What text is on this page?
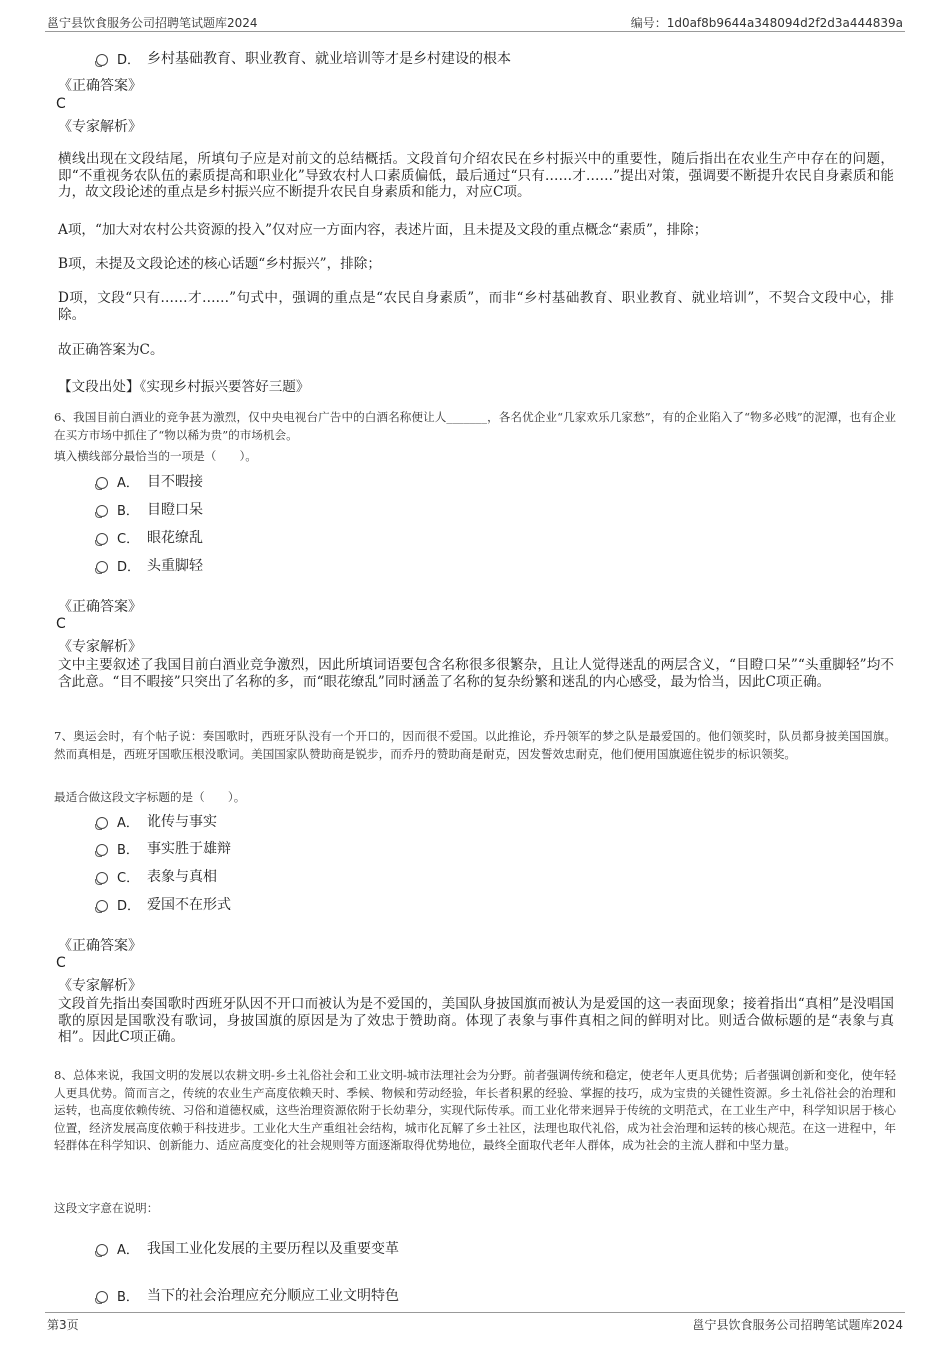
邕宁县饮食服务公司招聘笔试题库2024	编号：1d0af8b9644a348094d2f2d3a444839a
D． 乡村基础教育、职业教育、就业培训等才是乡村建设的根本
《正确答案》
C
《专家解析》
横线出现在文段结尾，所填句子应是对前文的总结概括。文段首句介绍农民在乡村振兴中的重要性，随后指出在农业生产中存在的问题，即“不重视务农队伍的素质提高和职业化”导致农村人口素质偏低，最后通过“只有……才……”提出对策，强调要不断提升农民自身素质和能力，故文段论述的重点是乡村振兴应不断提升农民自身素质和能力，对应C项。
A项，“加大对农村公共资源的投入”仅对应一方面内容，表述片面，且未提及文段的重点概念“素质”，排除；
B项，未提及文段论述的核心话题“乡村振兴”，排除；
D项，文段“只有……才……”句式中，强调的重点是“农民自身素质”，而非“乡村基础教育、职业教育、就业培训”，不契合文段中心，排除。
故正确答案为C。
【文段出处】《实现乡村振兴要答好三题》
6、我国目前白酒业的竞争甚为激烈，仅中央电视台广告中的白酒名称便让人_______，各名优企业“几家欢乐几家愁”，有的企业陷入了“物多必贱”的泥潭，也有企业在买方市场中抓住了“物以稀为贵”的市场机会。
填入横线部分最恰当的一项是（　　）。
A． 目不暇接
B． 目瞪口呆
C． 眼花缭乱
D． 头重脚轻
《正确答案》
C
《专家解析》
文中主要叙述了我国目前白酒业竞争激烈，因此所填词语要包含名称很多很繁杂，且让人觉得迷乱的两层含义，“目瞪口呆”“头重脚轻”均不含此意。“目不暇接”只突出了名称的多，而“眼花缭乱”同时涵盖了名称的复杂纷繁和迷乱的内心感受，最为恰当，因此C项正确。
7、奥运会时，有个帖子说：奏国歌时，西班牙队没有一个开口的，因而很不爱国。以此推论，乔丹领军的梦之队是最爱国的。他们领奖时，队员都身披美国国旗。然而真相是，西班牙国歌压根没歌词。美国国家队赞助商是锐步，而乔丹的赞助商是耐克，因发誓效忠耐克，他们便用国旗遮住锐步的标识领奖。
最适合做这段文字标题的是（　　）。
A． 讹传与事实
B． 事实胜于雄辩
C． 表象与真相
D． 爱国不在形式
《正确答案》
C
《专家解析》
文段首先指出奏国歌时西班牙队因不开口而被认为是不爱国的，美国队身披国旗而被认为是爱国的这一表面现象；接着指出“真相”是没唱国歌的原因是国歌没有歌词，身披国旗的原因是为了效忠于赞助商。体现了表象与事件真相之间的鲜明对比。则适合做标题的是“表象与真相”。因此C项正确。
8、总体来说，我国文明的发展以农耕文明-乡土礼俗社会和工业文明-城市法理社会为分野。前者强调传统和稳定，使老年人更具优势；后者强调创新和变化，使年轻人更具优势。简而言之，传统的农业生产高度依赖天时、季候、物候和劳动经验，年长者积累的经验、掌握的技巧，成为宝贵的关键性资源。乡土礼俗社会的治理和运转，也高度依赖传统、习俗和道德权威，这些治理资源依附于长幼辈分，实现代际传承。而工业化带来迥异于传统的文明范式，在工业生产中，科学知识居于核心位置，经济发展高度依赖于科技进步。工业化大生产重组社会结构，城市化瓦解了乡土社区，法理也取代礼俗，成为社会治理和运转的核心规范。在这一进程中，年轻群体在科学知识、创新能力、适应高度变化的社会规则等方面逐渐取得优势地位，最终全面取代老年人群体，成为社会的主流人群和中坚力量。
这段文字意在说明：
A． 我国工业化发展的主要历程以及重要变革
B． 当下的社会治理应充分顺应工业文明特色
第3页	邕宁县饮食服务公司招聘笔试题库2024
